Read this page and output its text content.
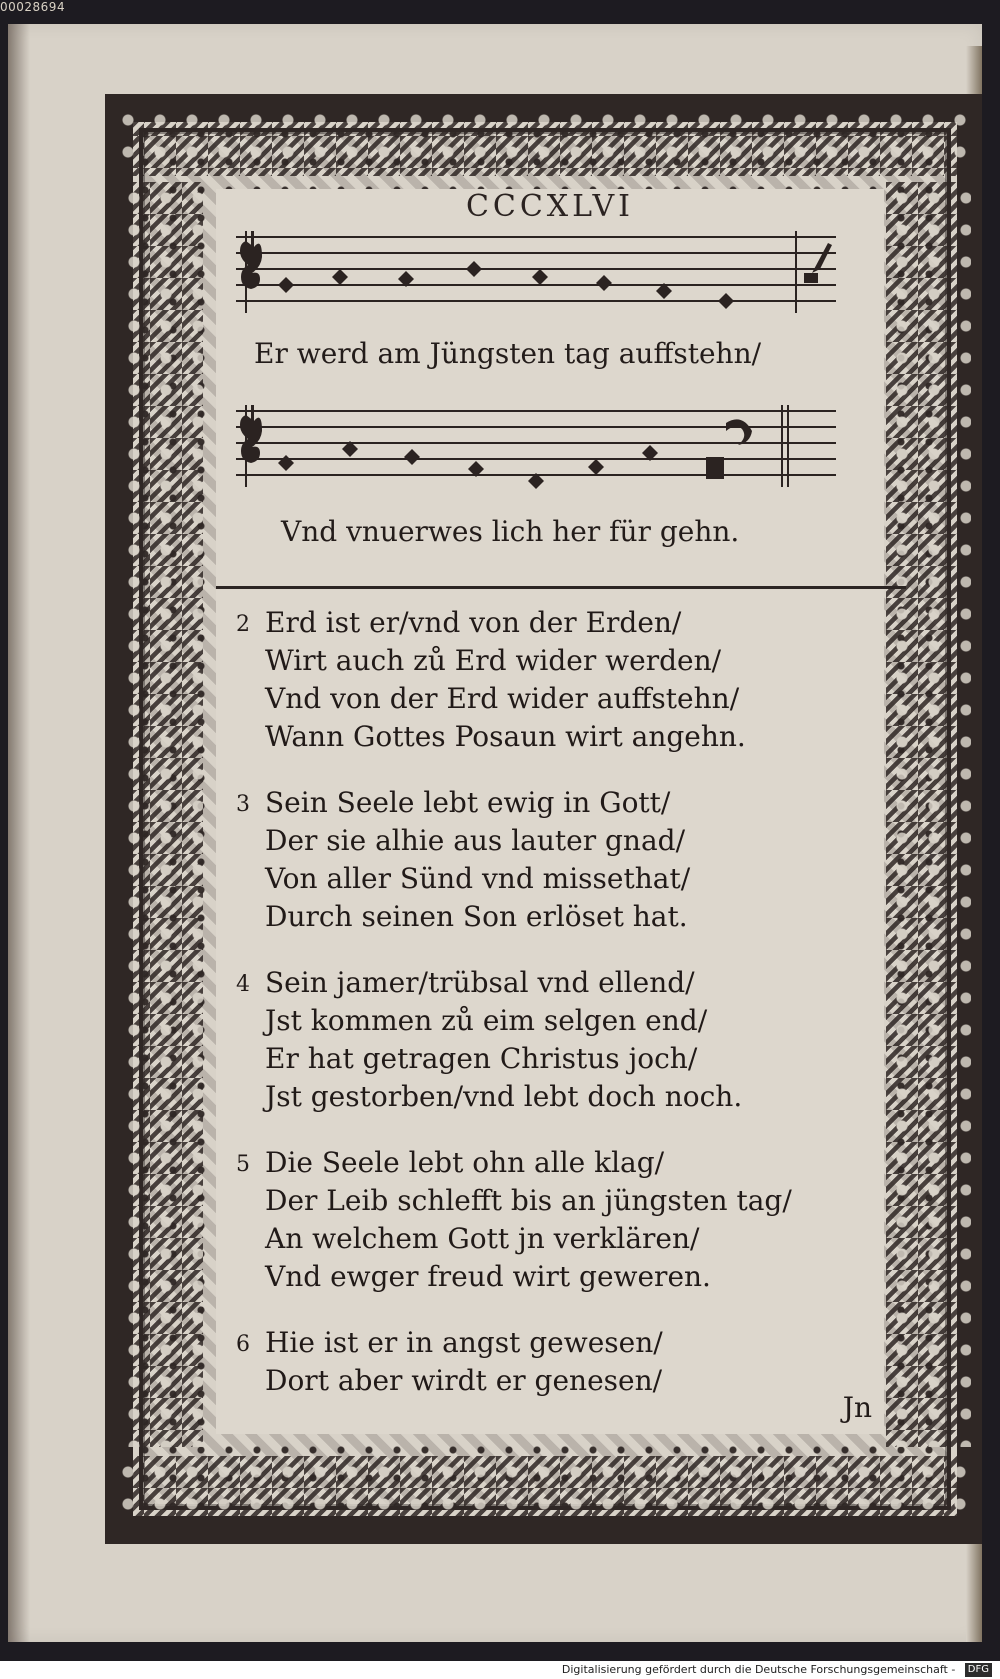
00028694
CCCXLVI
Er werd am Jüngsten tag auffstehn/
Vnd vnuerwes lich her für gehn.
2 Erd ist er/vnd von der Erden/
Wirt auch zů Erd wider werden/
Vnd von der Erd wider auffstehn/
Wann Gottes Posaun wirt angehn.
3 Sein Seele lebt ewig in Gott/
Der sie alhie aus lauter gnad/
Von aller Sünd vnd missethat/
Durch seinen Son erlöset hat.
4 Sein jamer/trübsal vnd ellend/
Jst kommen zů eim selgen end/
Er hat getragen Christus joch/
Jst gestorben/vnd lebt doch noch.
5 Die Seele lebt ohn alle klag/
Der Leib schlefft bis an jüngsten tag/
An welchem Gott jn verklären/
Vnd ewger freud wirt geweren.
6 Hie ist er in angst gewesen/
Dort aber wirdt er genesen/
Jn
Digitalisierung gefördert durch die Deutsche Forschungsgemeinschaft - DFG
